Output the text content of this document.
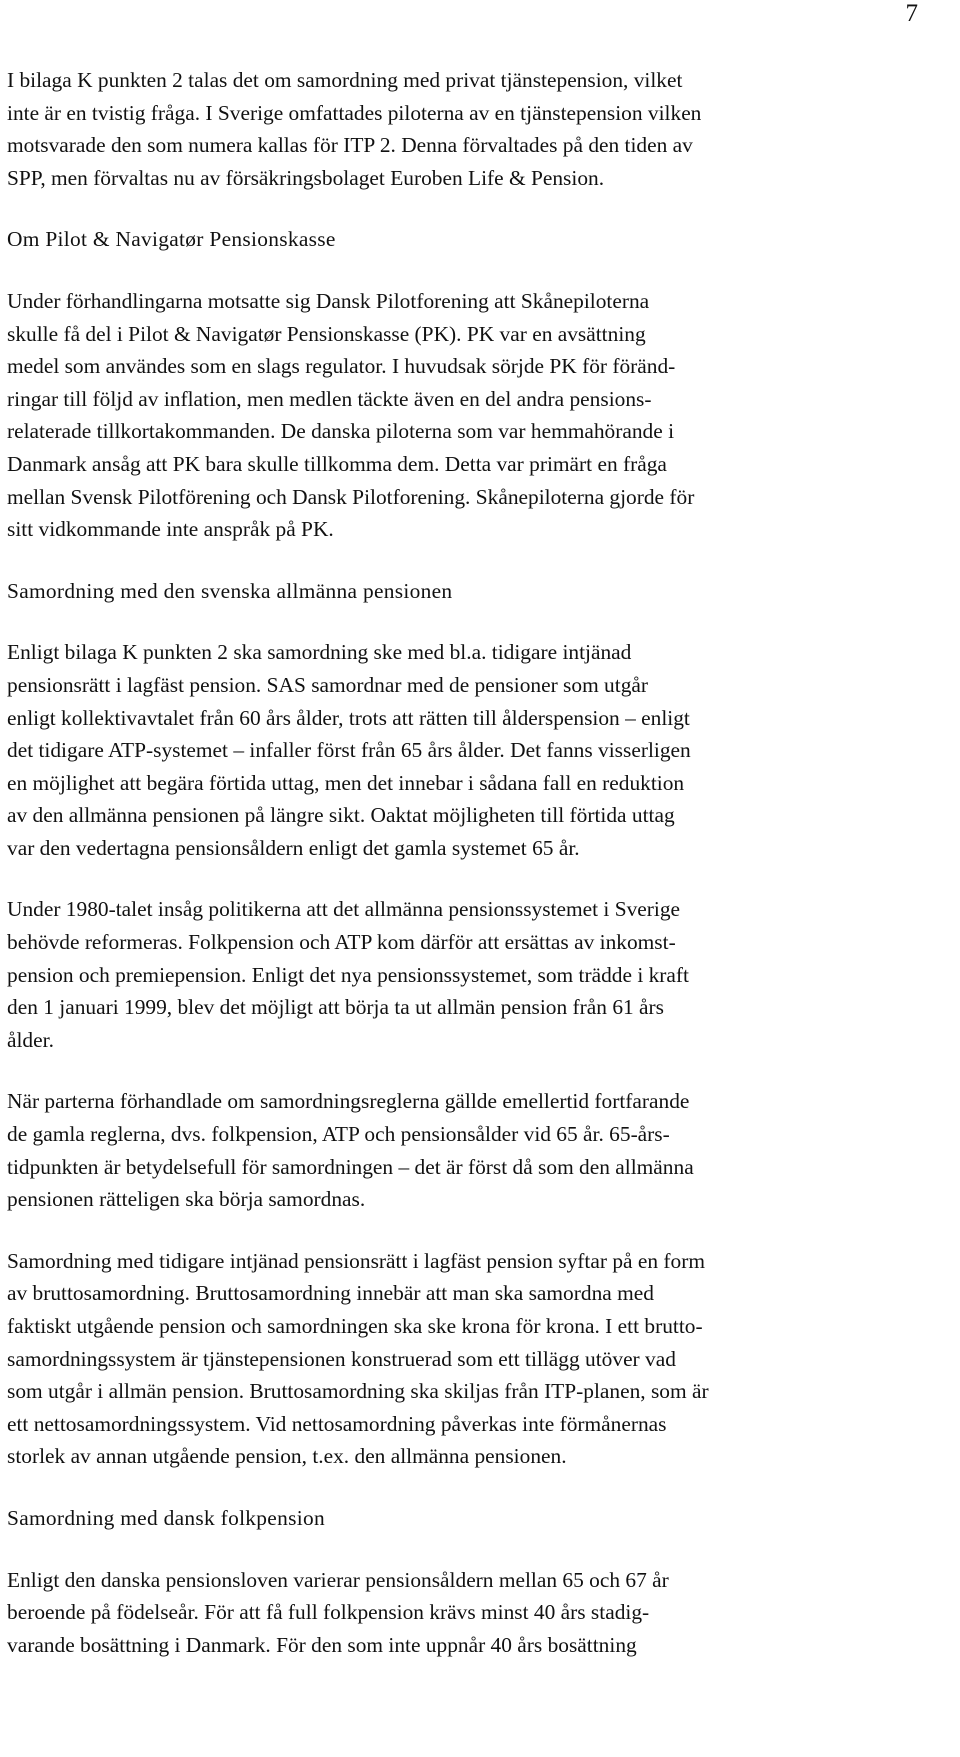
7
I bilaga K punkten 2 talas det om samordning med privat tjänstepension, vilket
inte är en tvistig fråga. I Sverige omfattades piloterna av en tjänstepension vilken
motsvarade den som numera kallas för ITP 2. Denna förvaltades på den tiden av
SPP, men förvaltas nu av försäkringsbolaget Euroben Life & Pension.
Om Pilot & Navigatør Pensionskasse
Under förhandlingarna motsatte sig Dansk Pilotforening att Skånepiloterna
skulle få del i Pilot & Navigatør Pensionskasse (PK). PK var en avsättning
medel som användes som en slags regulator. I huvudsak sörjde PK för föränd-
ringar till följd av inflation, men medlen täckte även en del andra pensions-
relaterade tillkortakommanden. De danska piloterna som var hemmahörande i
Danmark ansåg att PK bara skulle tillkomma dem. Detta var primärt en fråga
mellan Svensk Pilotförening och Dansk Pilotforening. Skånepiloterna gjorde för
sitt vidkommande inte anspråk på PK.
Samordning med den svenska allmänna pensionen
Enligt bilaga K punkten 2 ska samordning ske med bl.a. tidigare intjänad
pensionsrätt i lagfäst pension. SAS samordnar med de pensioner som utgår
enligt kollektivavtalet från 60 års ålder, trots att rätten till ålderspension – enligt
det tidigare ATP-systemet – infaller först från 65 års ålder. Det fanns visserligen
en möjlighet att begära förtida uttag, men det innebar i sådana fall en reduktion
av den allmänna pensionen på längre sikt. Oaktat möjligheten till förtida uttag
var den vedertagna pensionsåldern enligt det gamla systemet 65 år.
Under 1980-talet insåg politikerna att det allmänna pensionssystemet i Sverige
behövde reformeras. Folkpension och ATP kom därför att ersättas av inkomst-
pension och premiepension. Enligt det nya pensionssystemet, som trädde i kraft
den 1 januari 1999, blev det möjligt att börja ta ut allmän pension från 61 års
ålder.
När parterna förhandlade om samordningsreglerna gällde emellertid fortfarande
de gamla reglerna, dvs. folkpension, ATP och pensionsålder vid 65 år. 65-års-
tidpunkten är betydelsefull för samordningen – det är först då som den allmänna
pensionen rätteligen ska börja samordnas.
Samordning med tidigare intjänad pensionsrätt i lagfäst pension syftar på en form
av bruttosamordning. Bruttosamordning innebär att man ska samordna med
faktiskt utgående pension och samordningen ska ske krona för krona. I ett brutto-
samordningssystem är tjänstepensionen konstruerad som ett tillägg utöver vad
som utgår i allmän pension. Bruttosamordning ska skiljas från ITP-planen, som är
ett nettosamordningssystem. Vid nettosamordning påverkas inte förmånernas
storlek av annan utgående pension, t.ex. den allmänna pensionen.
Samordning med dansk folkpension
Enligt den danska pensionsloven varierar pensionsåldern mellan 65 och 67 år
beroende på födelseår. För att få full folkpension krävs minst 40 års stadig-
varande bosättning i Danmark. För den som inte uppnår 40 års bosättning
